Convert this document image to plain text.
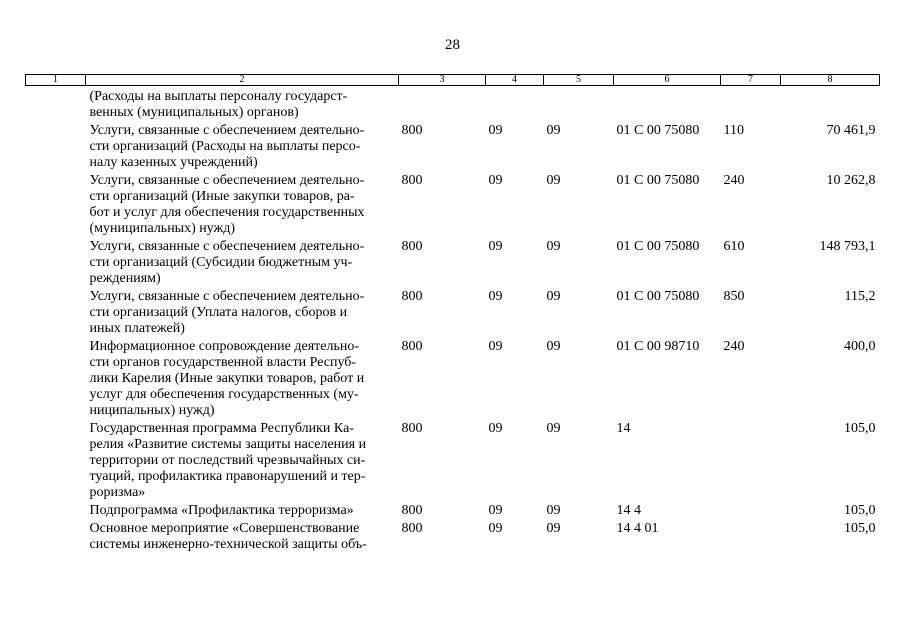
28
1	2	3	4	5	6	7	8

	(Расходы на выплаты персоналу государст-
венных (муниципальных) органов)						

	Услуги, связанные с обеспечением деятельно-
сти организаций (Расходы на выплаты персо-
налу казенных учреждений)	800	09	09	01 С 00 75080	110	70 461,9

	Услуги, связанные с обеспечением деятельно-
сти организаций (Иные закупки товаров, ра-
бот и услуг для обеспечения государственных
(муниципальных) нужд)	800	09	09	01 С 00 75080	240	10 262,8

	Услуги, связанные с обеспечением деятельно-
сти организаций (Субсидии бюджетным уч-
реждениям)	800	09	09	01 С 00 75080	610	148 793,1

	Услуги, связанные с обеспечением деятельно-
сти организаций (Уплата налогов, сборов и
иных платежей)	800	09	09	01 С 00 75080	850	115,2

	Информационное сопровождение деятельно-
сти органов государственной власти Респуб-
лики Карелия (Иные закупки товаров, работ и
услуг для обеспечения государственных (му-
ниципальных) нужд)	800	09	09	01 С 00 98710	240	400,0

	Государственная программа Республики Ка-
релия «Развитие системы защиты населения и
территории от последствий чрезвычайных си-
туаций, профилактика правонарушений и тер-
роризма»	800	09	09	14		105,0

	Подпрограмма «Профилактика терроризма»	800	09	09	14 4		105,0

	Основное мероприятие «Совершенствование
системы инженерно-технической защиты объ-	800	09	09	14 4 01		105,0
